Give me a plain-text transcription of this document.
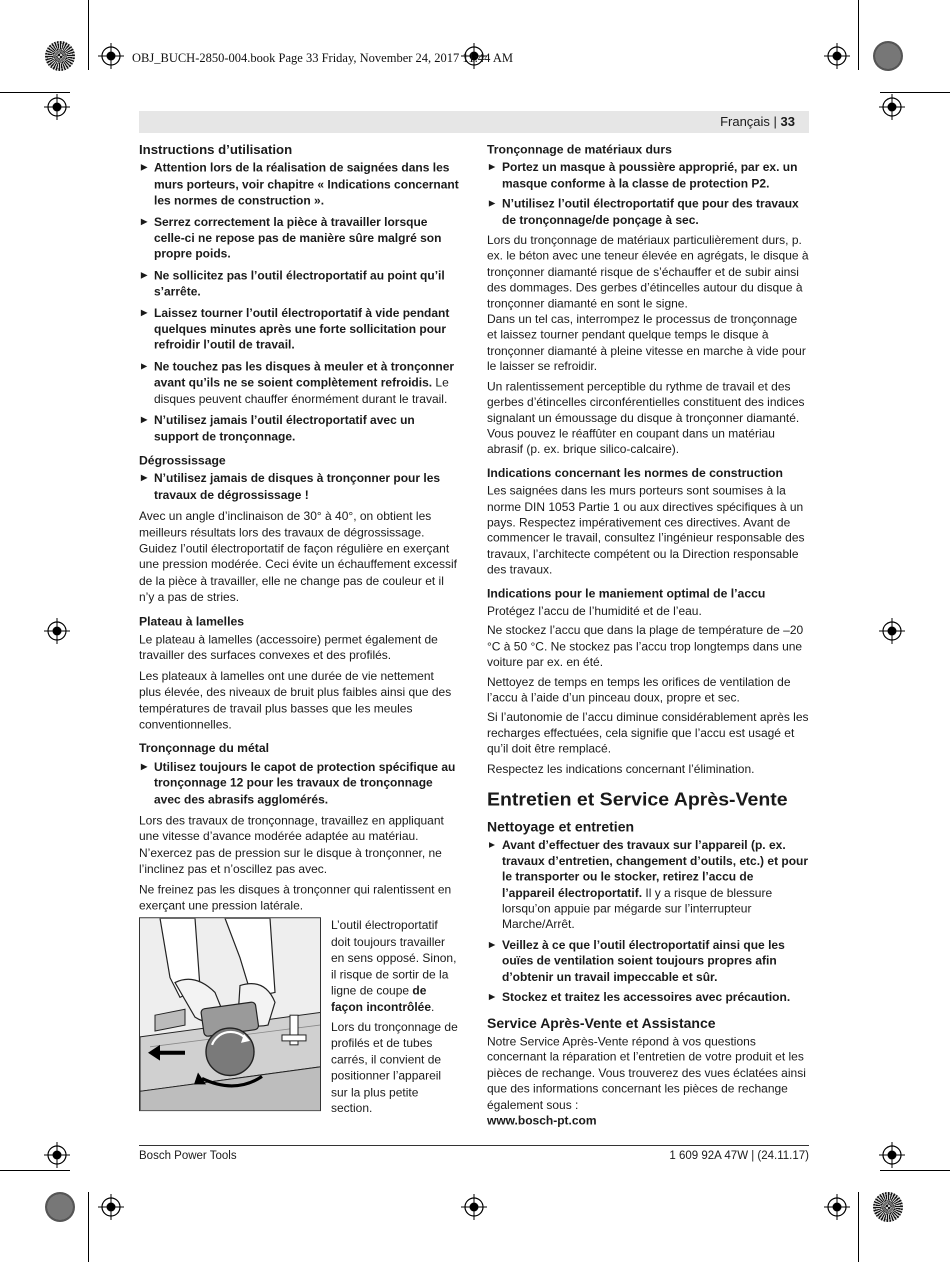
OBJ_BUCH-2850-004.book Page 33 Friday, November 24, 2017 11:44 AM
Français | 33
Instructions d’utilisation
▶ Attention lors de la réalisation de saignées dans les murs porteurs, voir chapitre « Indications concernant les normes de construction ».
▶ Serrez correctement la pièce à travailler lorsque celle-ci ne repose pas de manière sûre malgré son propre poids.
▶ Ne sollicitez pas l’outil électroportatif au point qu’il s’arrête.
▶ Laissez tourner l’outil électroportatif à vide pendant quelques minutes après une forte sollicitation pour refroidir l’outil de travail.
▶ Ne touchez pas les disques à meuler et à tronçonner avant qu’ils ne se soient complètement refroidis. Le disques peuvent chauffer énormément durant le travail.
▶ N’utilisez jamais l’outil électroportatif avec un support de tronçonnage.
Dégrossissage
▶ N’utilisez jamais de disques à tronçonner pour les travaux de dégrossissage !

Avec un angle d’inclinaison de 30° à 40°, on obtient les meilleurs résultats lors des travaux de dégrossissage. Guidez l’outil électroportatif de façon régulière en exerçant une pression modérée. Ceci évite un échauffement excessif de la pièce à travailler, elle ne change pas de couleur et il n’y a pas de stries.

Plateau à lamelles

Le plateau à lamelles (accessoire) permet également de travailler des surfaces convexes et des profilés.

Les plateaux à lamelles ont une durée de vie nettement plus élevée, des niveaux de bruit plus faibles ainsi que des températures de travail plus basses que les meules conventionnelles.

Tronçonnage du métal
▶ Utilisez toujours le capot de protection spécifique au tronçonnage 12 pour les travaux de tronçonnage avec des abrasifs agglomérés.

Lors des travaux de tronçonnage, travaillez en appliquant une vitesse d’avance modérée adaptée au matériau. N’exercez pas de pression sur le disque à tronçonner, ne l’inclinez pas et n’oscillez pas avec.

Ne freinez pas les disques à tronçonner qui ralentissent en exerçant une pression latérale.

L’outil électroportatif doit toujours travailler en sens opposé. Sinon, il risque de sortir de la ligne de coupe de façon incontrôlée.

Lors du tronçonnage de profilés et de tubes carrés, il convient de positionner l’appareil sur la plus petite section.

Tronçonnage de matériaux durs
▶ Portez un masque à poussière approprié, par ex. un masque conforme à la classe de protection P2.
▶ N’utilisez l’outil électroportatif que pour des travaux de tronçonnage/de ponçage à sec.

Lors du tronçonnage de matériaux particulièrement durs, p. ex. le béton avec une teneur élevée en agrégats, le disque à tronçonner diamanté risque de s’échauffer et de subir ainsi des dommages. Des gerbes d’étincelles autour du disque à tronçonner diamanté en sont le signe.

Dans un tel cas, interrompez le processus de tronçonnage et laissez tourner pendant quelque temps le disque à tronçonner diamanté à pleine vitesse en marche à vide pour le laisser se refroidir.

Un ralentissement perceptible du rythme de travail et des gerbes d’étincelles circonférentielles constituent des indices signalant un émoussage du disque à tronçonner diamanté. Vous pouvez le réaffûter en coupant dans un matériau abrasif (p. ex. brique silico-calcaire).

Indications concernant les normes de construction

Les saignées dans les murs porteurs sont soumises à la norme DIN 1053 Partie 1 ou aux directives spécifiques à un pays. Respectez impérativement ces directives. Avant de commencer le travail, consultez l’ingénieur responsable des travaux, l’architecte compétent ou la Direction responsable des travaux.

Indications pour le maniement optimal de l’accu

Protégez l’accu de l’humidité et de l’eau.

Ne stockez l’accu que dans la plage de température de –20 °C à 50 °C. Ne stockez pas l’accu trop longtemps dans une voiture par ex. en été.

Nettoyez de temps en temps les orifices de ventilation de l’accu à l’aide d’un pinceau doux, propre et sec.

Si l’autonomie de l’accu diminue considérablement après les recharges effectuées, cela signifie que l’accu est usagé et qu’il doit être remplacé.

Respectez les indications concernant l’élimination.

Entretien et Service Après-Vente
Nettoyage et entretien
▶ Avant d’effectuer des travaux sur l’appareil (p. ex. travaux d’entretien, changement d’outils, etc.) et pour le transporter ou le stocker, retirez l’accu de l’appareil électroportatif. Il y a risque de blessure lorsqu’on appuie par mégarde sur l’interrupteur Marche/Arrêt.
▶ Veillez à ce que l’outil électroportatif ainsi que les ouïes de ventilation soient toujours propres afin d’obtenir un travail impeccable et sûr.
▶ Stockez et traitez les accessoires avec précaution.
Service Après-Vente et Assistance

Notre Service Après-Vente répond à vos questions concernant la réparation et l’entretien de votre produit et les pièces de rechange. Vous trouverez des vues éclatées ainsi que des informations concernant les pièces de rechange également sous :

www.bosch-pt.com

Bosch Power Tools	1 609 92A 47W | (24.11.17)
